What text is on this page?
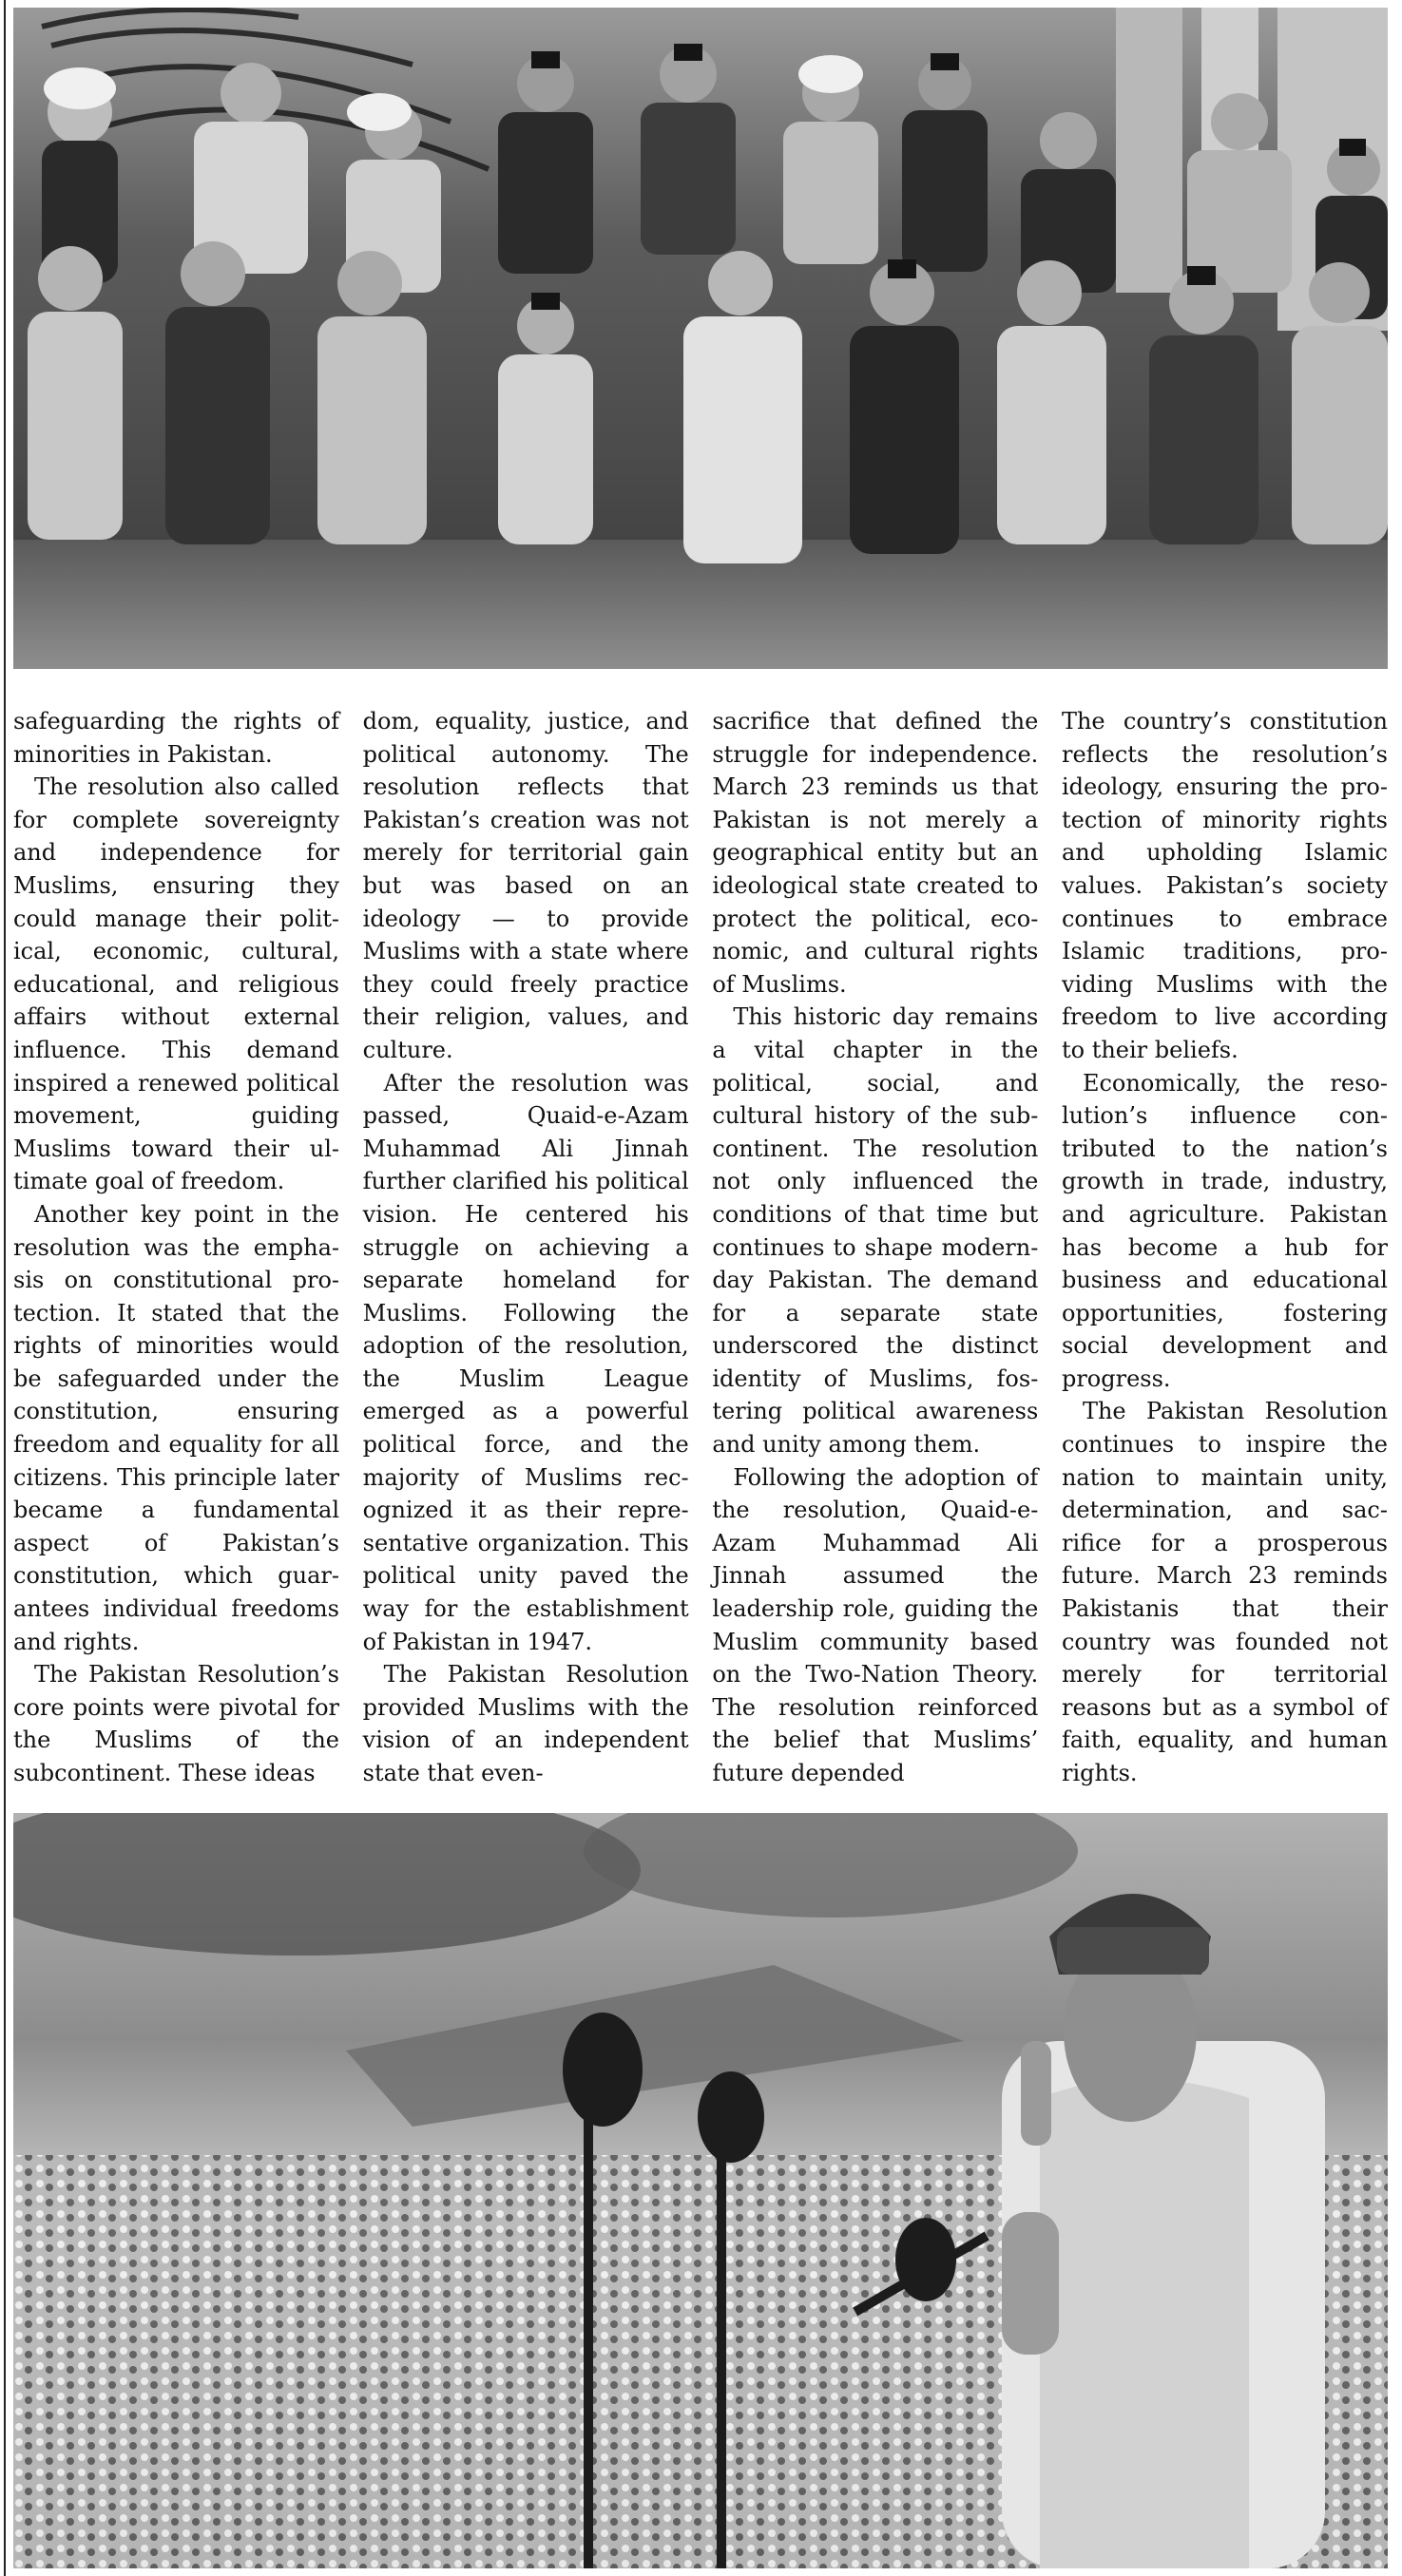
safeguarding the rights of minorities in Pakistan.

The resolution also called for complete sovereignty and independence for Muslims, ensuring they could manage their political, economic, cultural, educational, and religious affairs without external influence. This demand inspired a renewed political movement, guiding Muslims toward their ultimate goal of freedom.

Another key point in the resolution was the emphasis on constitutional protection. It stated that the rights of minorities would be safeguarded under the constitution, ensuring freedom and equality for all citizens. This principle later became a fundamental aspect of Pakistan’s constitution, which guarantees individual freedoms and rights.

The Pakistan Resolution’s core points were pivotal for the Muslims of the subcontinent. These ideas

dom, equality, justice, and political autonomy. The resolution reflects that Pakistan’s creation was not merely for territorial gain but was based on an ideology — to provide Muslims with a state where they could freely practice their religion, values, and culture.

After the resolution was passed, Quaid-e-Azam Muhammad Ali Jinnah further clarified his political vision. He centered his struggle on achieving a separate homeland for Muslims. Following the adoption of the resolution, the Muslim League emerged as a powerful political force, and the majority of Muslims recognized it as their representative organization. This political unity paved the way for the establishment of Pakistan in 1947.

The Pakistan Resolution provided Muslims with the vision of an independent state that even-

sacrifice that defined the struggle for independence. March 23 reminds us that Pakistan is not merely a geographical entity but an ideological state created to protect the political, economic, and cultural rights of Muslims.

This historic day remains a vital chapter in the political, social, and cultural history of the subcontinent. The resolution not only influenced the conditions of that time but continues to shape modern-day Pakistan. The demand for a separate state underscored the distinct identity of Muslims, fostering political awareness and unity among them.

Following the adoption of the resolution, Quaid-e-Azam Muhammad Ali Jinnah assumed the leadership role, guiding the Muslim community based on the Two-Nation Theory. The resolution reinforced the belief that Muslims’ future depended

The country’s constitution reflects the resolution’s ideology, ensuring the protection of minority rights and upholding Islamic values. Pakistan’s society continues to embrace Islamic traditions, providing Muslims with the freedom to live according to their beliefs.

Economically, the resolution’s influence contributed to the nation’s growth in trade, industry, and agriculture. Pakistan has become a hub for business and educational opportunities, fostering social development and progress.

The Pakistan Resolution continues to inspire the nation to maintain unity, determination, and sacrifice for a prosperous future. March 23 reminds Pakistanis that their country was founded not merely for territorial reasons but as a symbol of faith, equality, and human rights.
